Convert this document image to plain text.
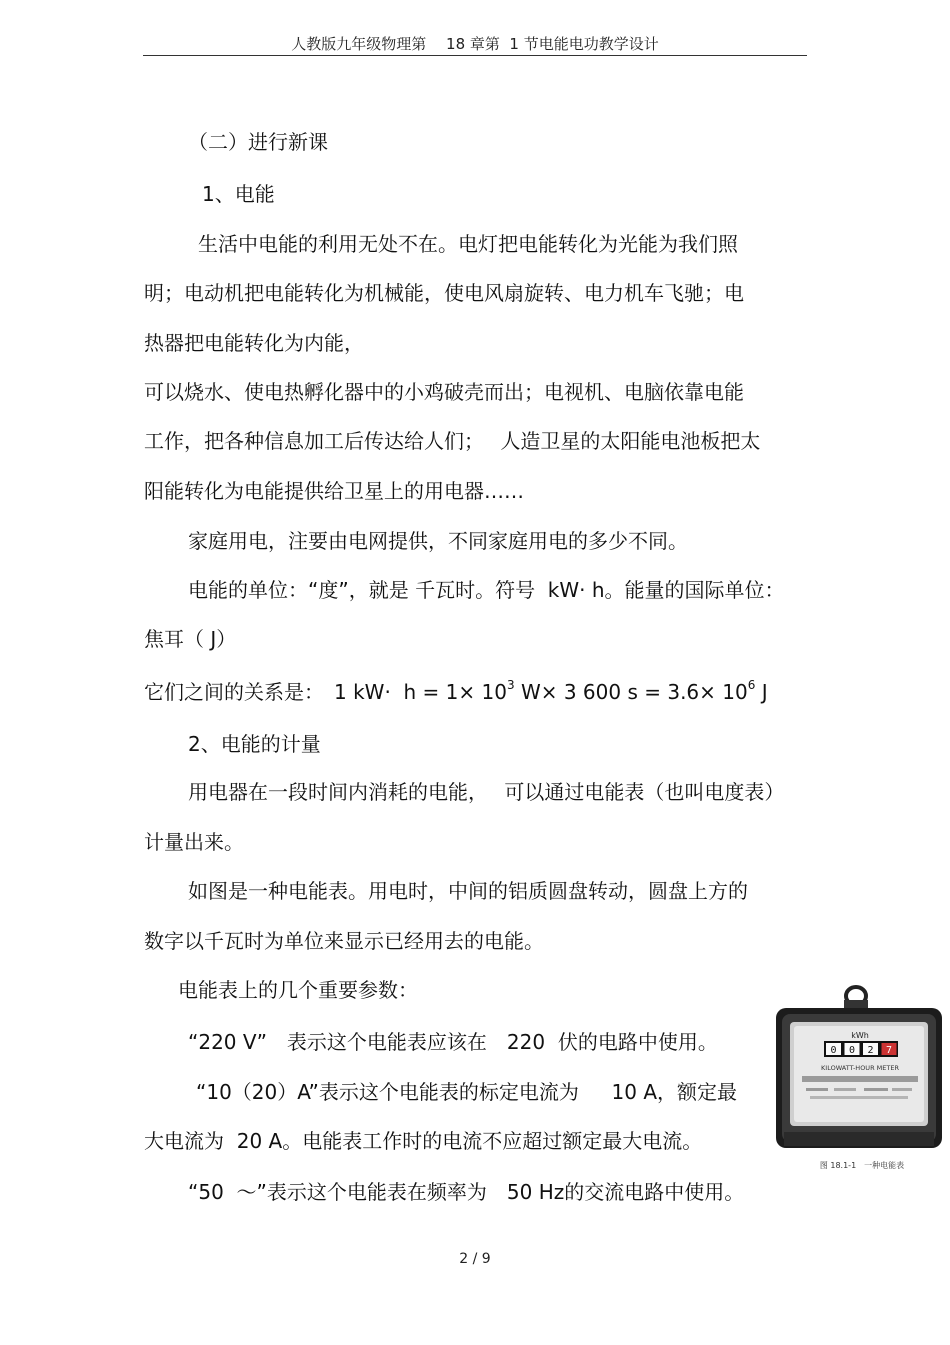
人教版九年级物理第　 18 章第  1 节电能电功教学设计
（二）进行新课
1、电能
生活中电能的利用无处不在。电灯把电能转化为光能为我们照
明；电动机把电能转化为机械能，使电风扇旋转、电力机车飞驰；电
热器把电能转化为内能，
可以烧水、使电热孵化器中的小鸡破壳而出；电视机、电脑依靠电能
工作，把各种信息加工后传达给人们；　 人造卫星的太阳能电池板把太
阳能转化为电能提供给卫星上的用电器……
家庭用电，注要由电网提供，不同家庭用电的多少不同。
电能的单位：“度”，就是 千瓦时。符号  kW· h。能量的国际单位：
焦耳（ J）
它们之间的关系是：　1 $kW\cdot h = 1\times 10^3$ W× 3 600 $s = 3.6\times 10^6$ J
2、电能的计量
用电器在一段时间内消耗的电能，　 可以通过电能表（也叫电度表）
计量出来。
如图是一种电能表。用电时，中间的铝质圆盘转动，圆盘上方的
数字以千瓦时为单位来显示已经用去的电能。
电能表上的几个重要参数：
“220 V”　表示这个电能表应该在　220  伏的电路中使用。
“10（20）A”表示这个电能表的标定电流为　  10 A，额定最
大电流为  20 A。电能表工作时的电流不应超过额定最大电流。
“50  ～”表示这个电能表在频率为　50 Hz的交流电路中使用。
kWh
0 0 2 7
KILOWATT-HOUR METER
图 18.1-1　一种电能表
2 / 9
